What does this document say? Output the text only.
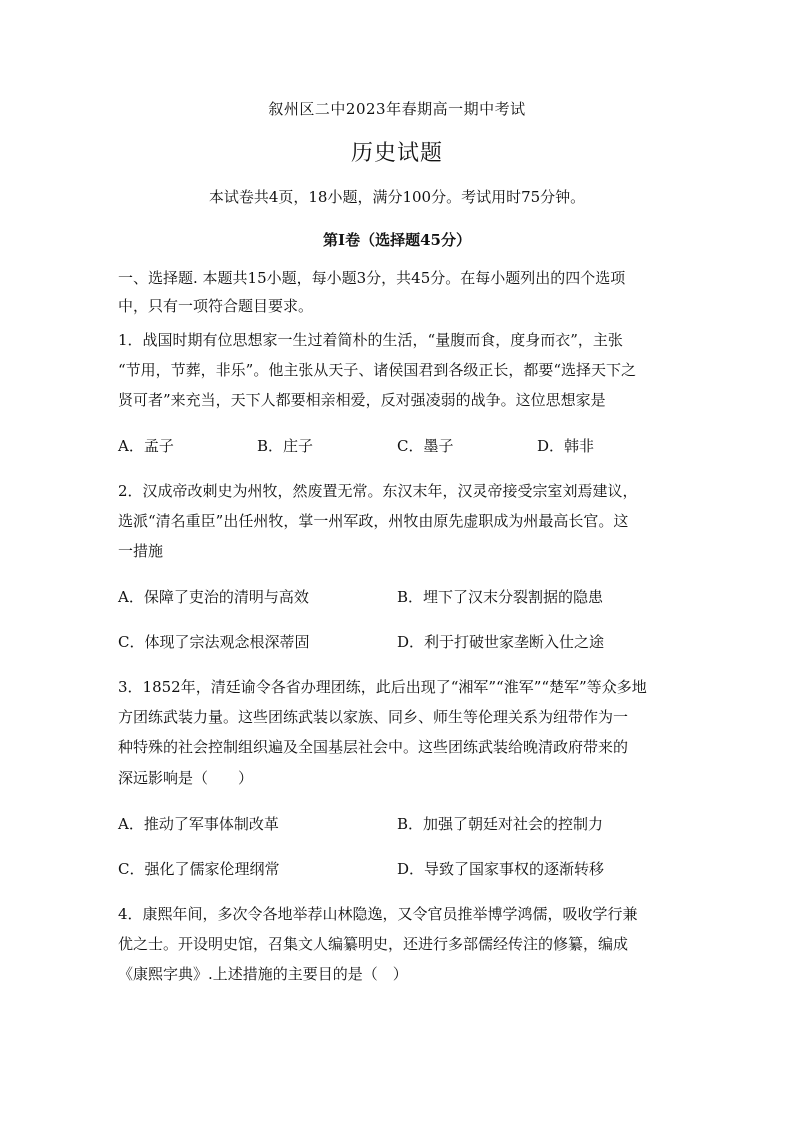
叙州区二中2023年春期高一期中考试
历史试题
本试卷共4页，18小题，满分100分。考试用时75分钟。
第Ⅰ卷（选择题45分）
一、选择题. 本题共15小题，每小题3分，共45分。在每小题列出的四个选项
中，只有一项符合题目要求。
1．战国时期有位思想家一生过着简朴的生活，“量腹而食，度身而衣”，主张
“节用，节葬，非乐”。他主张从天子、诸侯国君到各级正长，都要“选择天下之
贤可者”来充当，天下人都要相亲相爱，反对强凌弱的战争。这位思想家是
A．孟子	B．庄子	C．墨子	D．韩非
2．汉成帝改刺史为州牧，然废置无常。东汉末年，汉灵帝接受宗室刘焉建议，
选派“清名重臣”出任州牧，掌一州军政，州牧由原先虚职成为州最高长官。这
一措施
A．保障了吏治的清明与高效	B．埋下了汉末分裂割据的隐患
C．体现了宗法观念根深蒂固	D．利于打破世家垄断入仕之途
3．1852年，清廷谕令各省办理团练，此后出现了“湘军”“淮军”“楚军”等众多地
方团练武装力量。这些团练武装以家族、同乡、师生等伦理关系为纽带作为一
种特殊的社会控制组织遍及全国基层社会中。这些团练武装给晚清政府带来的
深远影响是（　　）
A．推动了军事体制改革	B．加强了朝廷对社会的控制力
C．强化了儒家伦理纲常	D．导致了国家事权的逐渐转移
4．康熙年间，多次令各地举荐山林隐逸，又令官员推举博学鸿儒，吸收学行兼
优之士。开设明史馆，召集文人编纂明史，还进行多部儒经传注的修纂，编成
《康熙字典》.上述措施的主要目的是（　）
